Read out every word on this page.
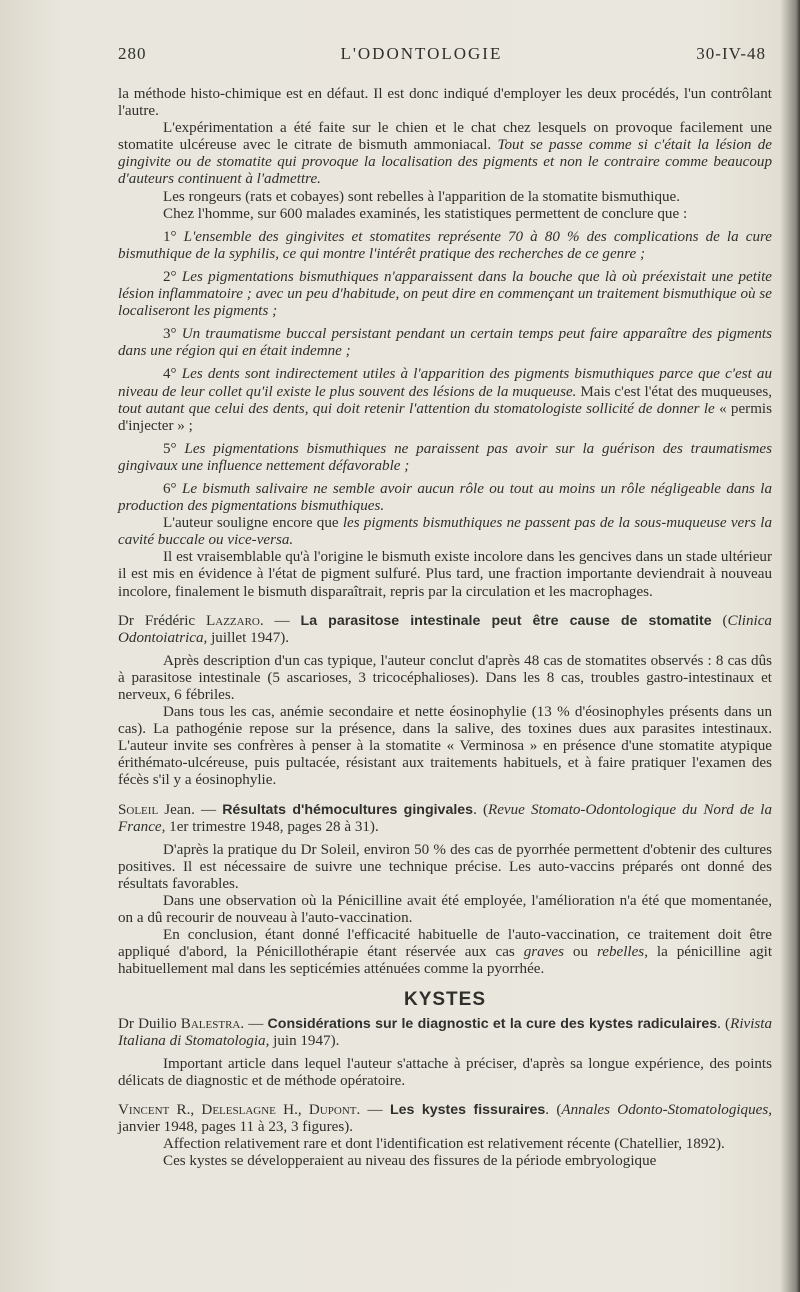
280	L'ODONTOLOGIE	30-IV-48

la méthode histo-chimique est en défaut. Il est donc indiqué d'employer les deux procédés, l'un contrôlant l'autre.

L'expérimentation a été faite sur le chien et le chat chez lesquels on provoque facilement une stomatite ulcéreuse avec le citrate de bismuth ammoniacal. Tout se passe comme si c'était la lésion de gingivite ou de stomatite qui provoque la localisation des pigments et non le contraire comme beaucoup d'auteurs continuent à l'admettre.

Les rongeurs (rats et cobayes) sont rebelles à l'apparition de la stomatite bismuthique.

Chez l'homme, sur 600 malades examinés, les statistiques permettent de conclure que :

1° L'ensemble des gingivites et stomatites représente 70 à 80 % des complications de la cure bismuthique de la syphilis, ce qui montre l'intérêt pratique des recherches de ce genre ;

2° Les pigmentations bismuthiques n'apparaissent dans la bouche que là où préexistait une petite lésion inflammatoire ; avec un peu d'habitude, on peut dire en commençant un traitement bismuthique où se localiseront les pigments ;

3° Un traumatisme buccal persistant pendant un certain temps peut faire apparaître des pigments dans une région qui en était indemne ;

4° Les dents sont indirectement utiles à l'apparition des pigments bismuthiques parce que c'est au niveau de leur collet qu'il existe le plus souvent des lésions de la muqueuse. Mais c'est l'état des muqueuses, tout autant que celui des dents, qui doit retenir l'attention du stomatologiste sollicité de donner le « permis d'injecter » ;

5° Les pigmentations bismuthiques ne paraissent pas avoir sur la guérison des traumatismes gingivaux une influence nettement défavorable ;

6° Le bismuth salivaire ne semble avoir aucun rôle ou tout au moins un rôle négligeable dans la production des pigmentations bismuthiques.

L'auteur souligne encore que les pigments bismuthiques ne passent pas de la sous-muqueuse vers la cavité buccale ou vice-versa.

Il est vraisemblable qu'à l'origine le bismuth existe incolore dans les gencives dans un stade ultérieur il est mis en évidence à l'état de pigment sulfuré. Plus tard, une fraction importante deviendrait à nouveau incolore, finalement le bismuth disparaîtrait, repris par la circulation et les macrophages.

Dr Frédéric Lazzaro. — La parasitose intestinale peut être cause de stomatite (Clinica Odontoiatrica, juillet 1947).

Après description d'un cas typique, l'auteur conclut d'après 48 cas de stomatites observés : 8 cas dûs à parasitose intestinale (5 ascarioses, 3 tricocéphalioses). Dans les 8 cas, troubles gastro-intestinaux et nerveux, 6 fébriles.

Dans tous les cas, anémie secondaire et nette éosinophylie (13 % d'éosinophyles présents dans un cas). La pathogénie repose sur la présence, dans la salive, des toxines dues aux parasites intestinaux. L'auteur invite ses confrères à penser à la stomatite « Verminosa » en présence d'une stomatite atypique érithémato-ulcéreuse, puis pultacée, résistant aux traitements habituels, et à faire pratiquer l'examen des fécès s'il y a éosinophylie.

Soleil Jean. — Résultats d'hémocultures gingivales. (Revue Stomato-Odontologique du Nord de la France, 1er trimestre 1948, pages 28 à 31).

D'après la pratique du Dr Soleil, environ 50 % des cas de pyorrhée permettent d'obtenir des cultures positives. Il est nécessaire de suivre une technique précise. Les auto-vaccins préparés ont donné des résultats favorables.

Dans une observation où la Pénicilline avait été employée, l'amélioration n'a été que momentanée, on a dû recourir de nouveau à l'auto-vaccination.

En conclusion, étant donné l'efficacité habituelle de l'auto-vaccination, ce traitement doit être appliqué d'abord, la Pénicillothérapie étant réservée aux cas graves ou rebelles, la pénicilline agit habituellement mal dans les septicémies atténuées comme la pyorrhée.

KYSTES

Dr Duilio Balestra. — Considérations sur le diagnostic et la cure des kystes radiculaires. (Rivista Italiana di Stomatologia, juin 1947).

Important article dans lequel l'auteur s'attache à préciser, d'après sa longue expérience, des points délicats de diagnostic et de méthode opératoire.

Vincent R., Deleslagne H., Dupont. — Les kystes fissuraires. (Annales Odonto-Stomatologiques, janvier 1948, pages 11 à 23, 3 figures).

Affection relativement rare et dont l'identification est relativement récente (Chatellier, 1892).

Ces kystes se développeraient au niveau des fissures de la période embryologique
